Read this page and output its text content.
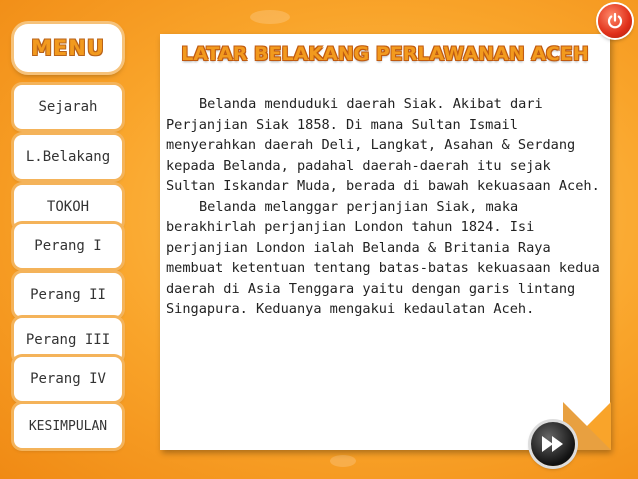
MENU
Sejarah
L.Belakang
TOKOH
Perang I
Perang II
Perang III
Perang IV
KESIMPULAN
LATAR BELAKANG PERLAWANAN ACEH

Belanda menduduki daerah Siak. Akibat dari Perjanjian Siak 1858. Di mana Sultan Ismail menyerahkan daerah Deli, Langkat, Asahan & Serdang kepada Belanda, padahal daerah-daerah itu sejak Sultan Iskandar Muda, berada di bawah kekuasaan Aceh.

Belanda melanggar perjanjian Siak, maka berakhirlah perjanjian London tahun 1824. Isi perjanjian London ialah Belanda & Britania Raya membuat ketentuan tentang batas-batas kekuasaan kedua daerah di Asia Tenggara yaitu dengan garis lintang Singapura. Keduanya mengakui kedaulatan Aceh.
